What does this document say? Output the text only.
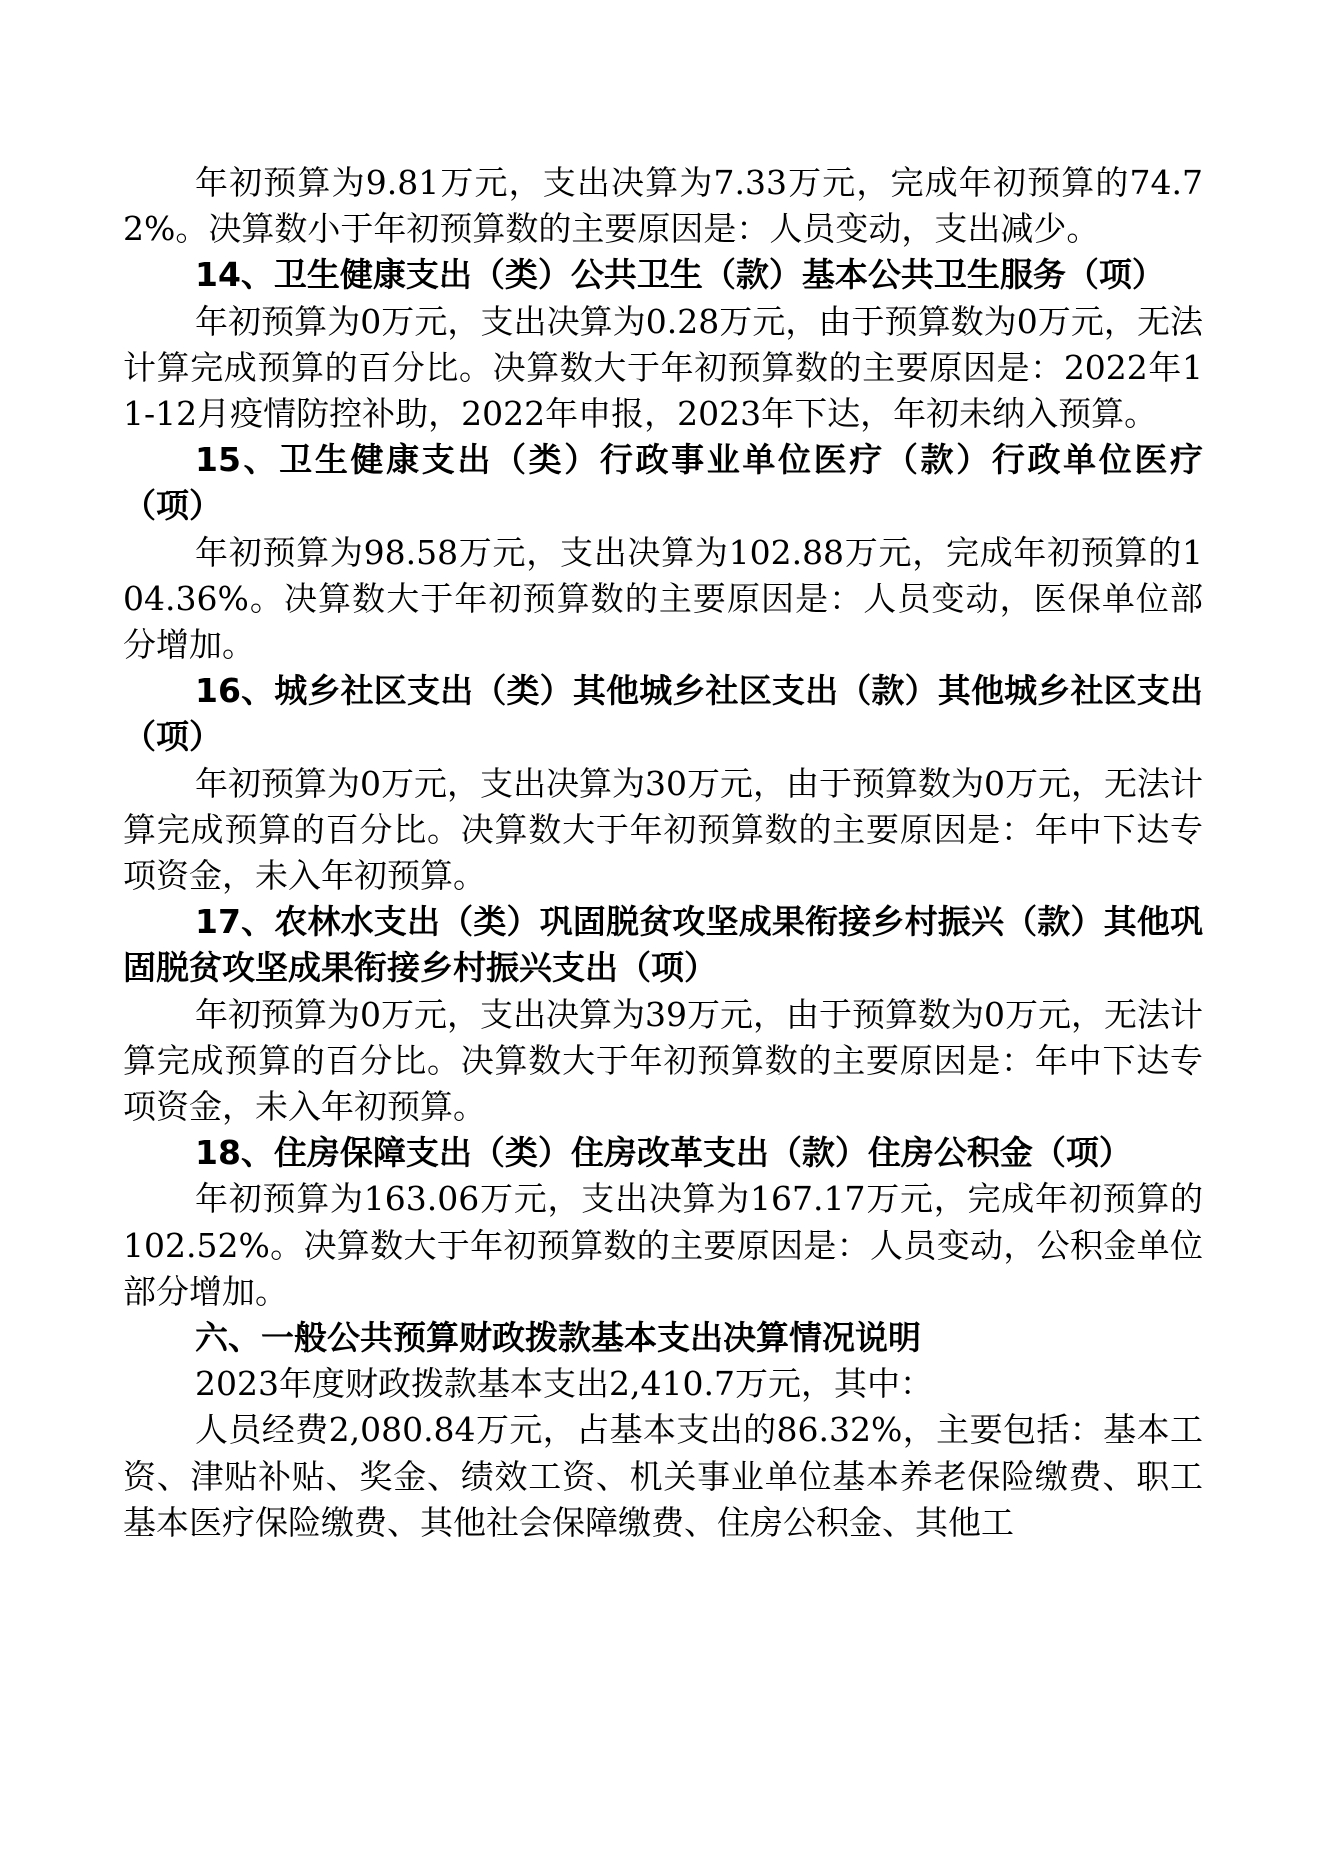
年初预算为9.81万元，支出决算为7.33万元，完成年初预算的74.72%。决算数小于年初预算数的主要原因是：人员变动，支出减少。

14、卫生健康支出（类）公共卫生（款）基本公共卫生服务（项）

年初预算为0万元，支出决算为0.28万元，由于预算数为0万元，无法计算完成预算的百分比。决算数大于年初预算数的主要原因是：2022年11-12月疫情防控补助，2022年申报，2023年下达，年初未纳入预算。

15、卫生健康支出（类）行政事业单位医疗（款）行政单位医疗（项）

年初预算为98.58万元，支出决算为102.88万元，完成年初预算的104.36%。决算数大于年初预算数的主要原因是：人员变动，医保单位部分增加。

16、城乡社区支出（类）其他城乡社区支出（款）其他城乡社区支出（项）

年初预算为0万元，支出决算为30万元，由于预算数为0万元，无法计算完成预算的百分比。决算数大于年初预算数的主要原因是：年中下达专项资金，未入年初预算。

17、农林水支出（类）巩固脱贫攻坚成果衔接乡村振兴（款）其他巩固脱贫攻坚成果衔接乡村振兴支出（项）

年初预算为0万元，支出决算为39万元，由于预算数为0万元，无法计算完成预算的百分比。决算数大于年初预算数的主要原因是：年中下达专项资金，未入年初预算。

18、住房保障支出（类）住房改革支出（款）住房公积金（项）

年初预算为163.06万元，支出决算为167.17万元，完成年初预算的102.52%。决算数大于年初预算数的主要原因是：人员变动，公积金单位部分增加。

六、一般公共预算财政拨款基本支出决算情况说明

2023年度财政拨款基本支出2,410.7万元，其中：

人员经费2,080.84万元，占基本支出的86.32%，主要包括：基本工资、津贴补贴、奖金、绩效工资、机关事业单位基本养老保险缴费、职工基本医疗保险缴费、其他社会保障缴费、住房公积金、其他工
